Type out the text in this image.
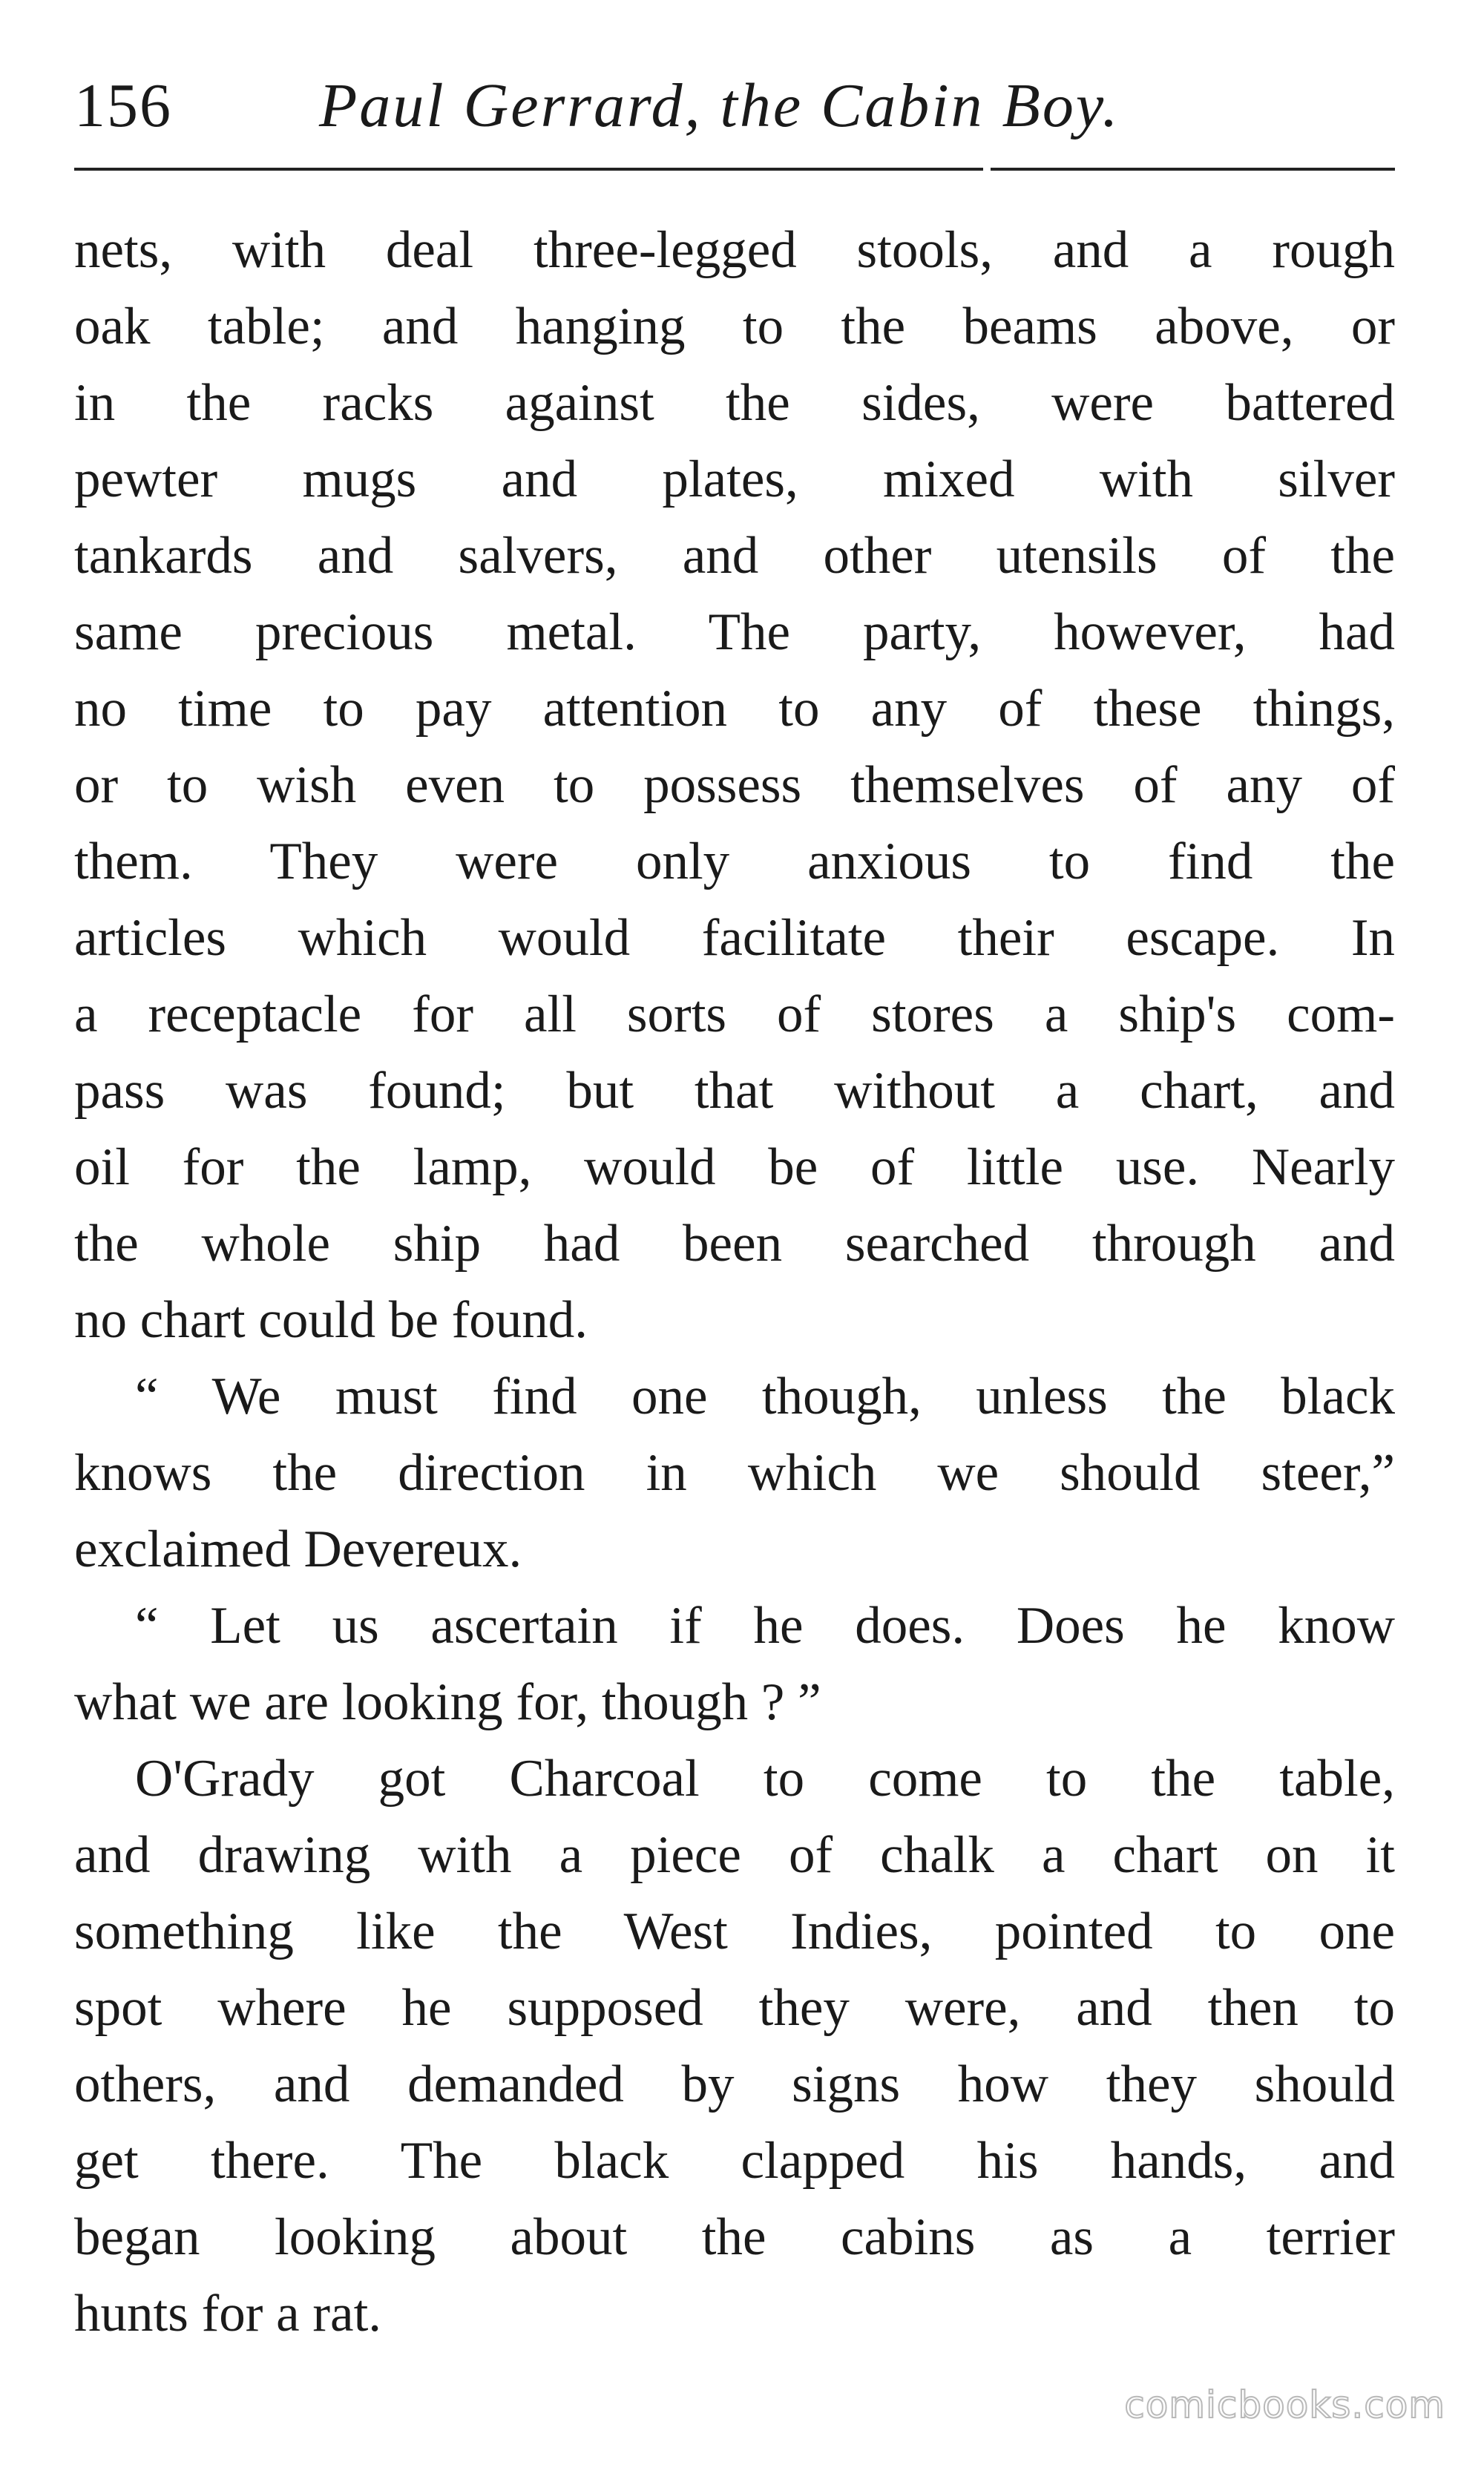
156 Paul Gerrard, the Cabin Boy.
nets, with deal three-legged stools, and a rough
oak table; and hanging to the beams above, or
in the racks against the sides, were battered
pewter mugs and plates, mixed with silver
tankards and salvers, and other utensils of the
same precious metal. The party, however, had
no time to pay attention to any of these things,
or to wish even to possess themselves of any of
them. They were only anxious to find the
articles which would facilitate their escape. In
a receptacle for all sorts of stores a ship's com-
pass was found; but that without a chart, and
oil for the lamp, would be of little use. Nearly
the whole ship had been searched through and
no chart could be found.
“ We must find one though, unless the black
knows the direction in which we should steer,”
exclaimed Devereux.
“ Let us ascertain if he does. Does he know
what we are looking for, though ? ”
O'Grady got Charcoal to come to the table,
and drawing with a piece of chalk a chart on it
something like the West Indies, pointed to one
spot where he supposed they were, and then to
others, and demanded by signs how they should
get there. The black clapped his hands, and
began looking about the cabins as a terrier
hunts for a rat.
comicbooks.com
